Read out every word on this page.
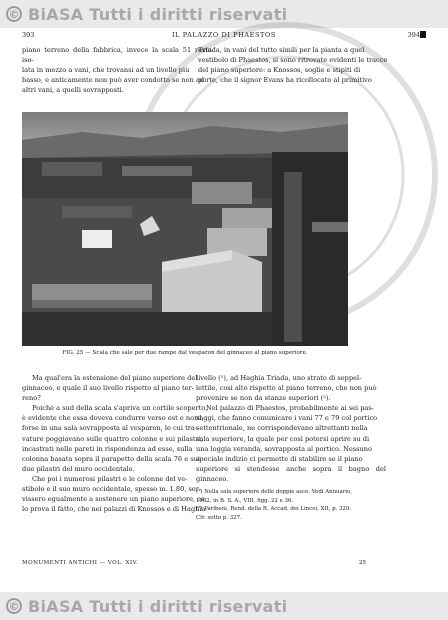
© BiASA Tutti i diritti riservati
393	IL PALAZZO DI PHAESTOS	394

piano terreno della fabbrica, invece la scala 51 resta iso-

lata in mezzo a vani, che trovansi ad un livello più

basso, e anticamente non può aver condotto se non ad

altri vani, a quelli sovrapposti.

Triada, in vani del tutto simili per la pianta a quel

vestibolo di Phaestos, si sono ritrovate evidenti le tracce

del piano superiore: a Knossos, soglie e stipiti di

porte, che il signor Evans ha ricollocato al primitivo

FIG. 25 — Scala che sale per due rampe dal vesparon del ginnaceo al piano superiore.

Ma qual'era la estensione del piano superiore del

ginnaceo, e quale il suo livello rispetto al piano ter-

reno?

Poichè a sud della scala s'apriva un cortile scoperto,

è evidente che essa doveva condurre verso est e nord,

forse in una sala sovrapposta al vesparon, le cui tra-

vature poggiavano sulle quattro colonne e sui pilastri,

incastrati nelle pareti in rispondenza ad esse, sulla

colonna basata sopra il parapetto della scala 76 e sui

due pilastri del muro occidentale.

Che poi i numerosi pilastri e le colonne del ve-

stibolo e il suo muro occidentale, spesso m. 1.80, ser-

vissero egualmente a sostenere un piano superiore, ce

lo prova il fatto, che nei palazzi di Knossos e di Haghia

livello (¹), ad Haghia Triada, uno strato di seppel-

lettile, cosi alto rispetto al piano terreno, che non può

provenire se non da stanze superiori (²).

Nel palazzo di Phaestos, probabilmente ai sei pas-

saggi, che fanno comunicare i vani 77 e 79 col portico

settentrionale, ne corrispondevano altrettanti nella

sala superiore, la quale per così potersi aprire su di

una loggia veranda, sovrapposta al portico. Nessuno

speciale indizio ci permette di stabilire se il piano

superiore si stendesse anche sopra il bagno del ginnaceo.

(¹) Nella sala superiore delle doppie asce. Vedi Annuario,

1902, in B. S. A., VIII, figg. 22 e 36.

(²) Paribeni, Rend. della R. Accad. dei Lincei, XII, p. 320.

Cfr. sotto p. 327.

MONUMENTI ANTICHI — VOL. XIV.	25
© BiASA Tutti i diritti riservati
